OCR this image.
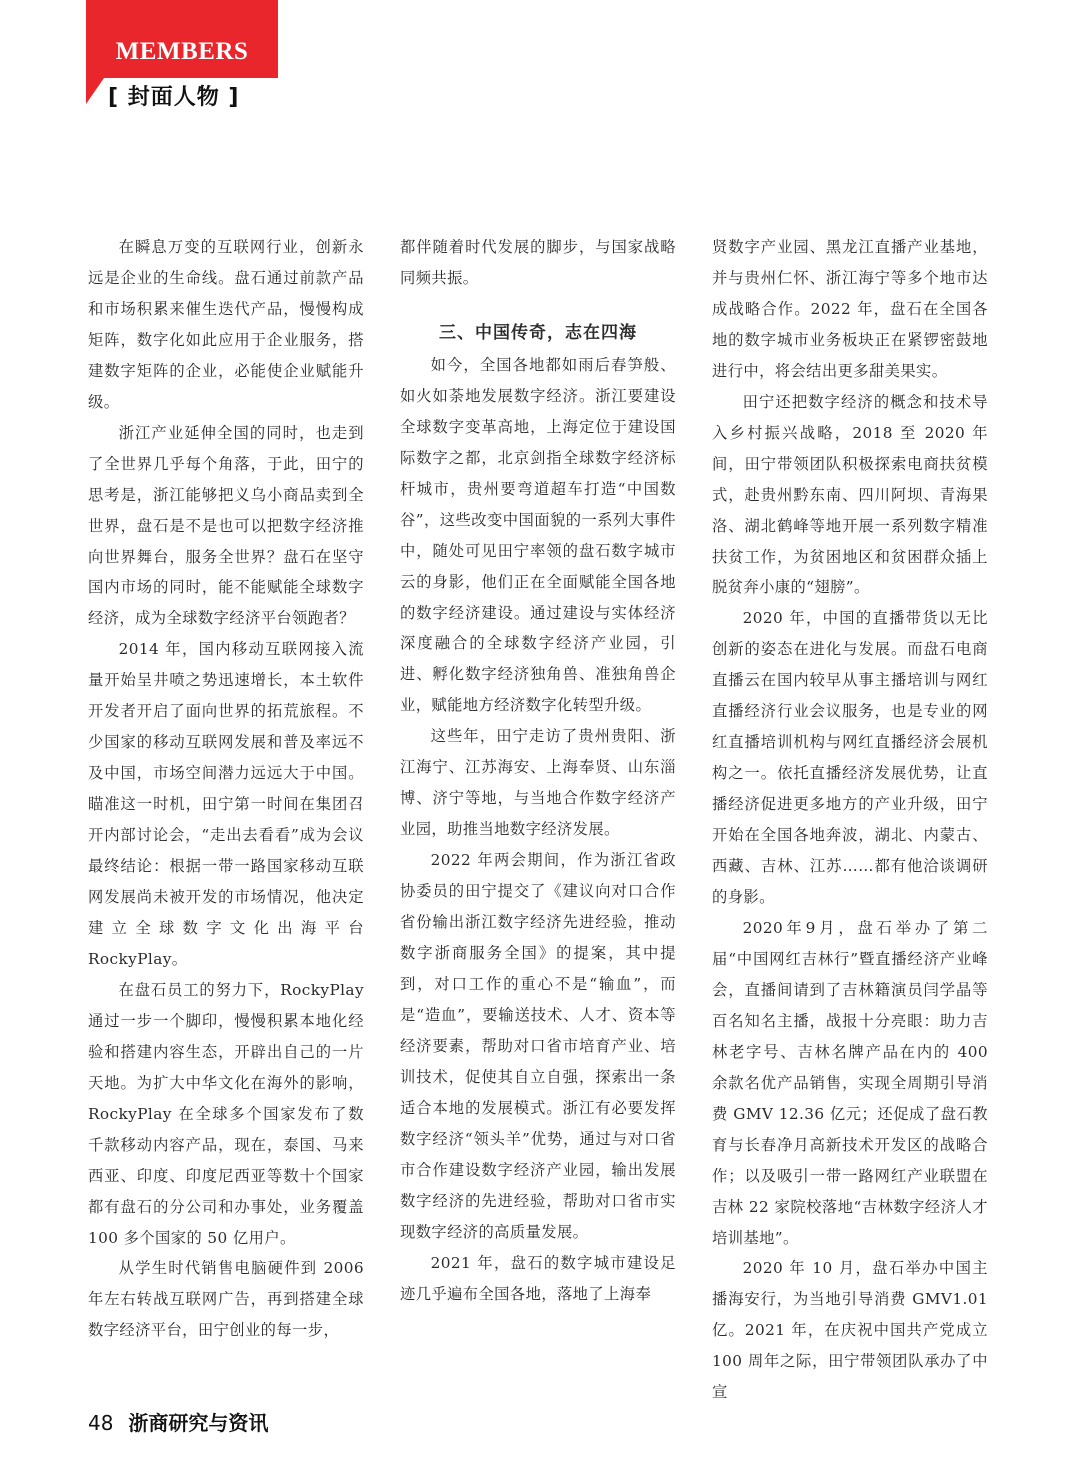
MEMBERS
[ 封面人物 ]

在瞬息万变的互联网行业，创新永远是企业的生命线。盘石通过前款产品和市场积累来催生迭代产品，慢慢构成矩阵，数字化如此应用于企业服务，搭建数字矩阵的企业，必能使企业赋能升级。

浙江产业延伸全国的同时，也走到了全世界几乎每个角落，于此，田宁的思考是，浙江能够把义乌小商品卖到全世界，盘石是不是也可以把数字经济推向世界舞台，服务全世界？盘石在坚守国内市场的同时，能不能赋能全球数字经济，成为全球数字经济平台领跑者？

2014 年，国内移动互联网接入流量开始呈井喷之势迅速增长，本土软件开发者开启了面向世界的拓荒旅程。不少国家的移动互联网发展和普及率远不及中国，市场空间潜力远远大于中国。瞄准这一时机，田宁第一时间在集团召开内部讨论会，“走出去看看”成为会议最终结论：根据一带一路国家移动互联网发展尚未被开发的市场情况，他决定建立全球数字文化出海平台 RockyPlay。

在盘石员工的努力下，RockyPlay 通过一步一个脚印，慢慢积累本地化经验和搭建内容生态，开辟出自己的一片天地。为扩大中华文化在海外的影响，RockyPlay 在全球多个国家发布了数千款移动内容产品，现在，泰国、马来西亚、印度、印度尼西亚等数十个国家都有盘石的分公司和办事处，业务覆盖 100 多个国家的 50 亿用户。

从学生时代销售电脑硬件到 2006 年左右转战互联网广告，再到搭建全球数字经济平台，田宁创业的每一步，

都伴随着时代发展的脚步，与国家战略同频共振。

三、中国传奇，志在四海

如今，全国各地都如雨后春笋般、如火如荼地发展数字经济。浙江要建设全球数字变革高地，上海定位于建设国际数字之都，北京剑指全球数字经济标杆城市，贵州要弯道超车打造“中国数谷”，这些改变中国面貌的一系列大事件中，随处可见田宁率领的盘石数字城市云的身影，他们正在全面赋能全国各地的数字经济建设。通过建设与实体经济深度融合的全球数字经济产业园，引进、孵化数字经济独角兽、准独角兽企业，赋能地方经济数字化转型升级。

这些年，田宁走访了贵州贵阳、浙江海宁、江苏海安、上海奉贤、山东淄博、济宁等地，与当地合作数字经济产业园，助推当地数字经济发展。

2022 年两会期间，作为浙江省政协委员的田宁提交了《建议向对口合作省份输出浙江数字经济先进经验，推动数字浙商服务全国》的提案，其中提到，对口工作的重心不是“输血”，而是“造血”，要输送技术、人才、资本等经济要素，帮助对口省市培育产业、培训技术，促使其自立自强，探索出一条适合本地的发展模式。浙江有必要发挥数字经济“领头羊”优势，通过与对口省市合作建设数字经济产业园，输出发展数字经济的先进经验，帮助对口省市实现数字经济的高质量发展。

2021 年，盘石的数字城市建设足迹几乎遍布全国各地，落地了上海奉

贤数字产业园、黑龙江直播产业基地，并与贵州仁怀、浙江海宁等多个地市达成战略合作。2022 年，盘石在全国各地的数字城市业务板块正在紧锣密鼓地进行中，将会结出更多甜美果实。

田宁还把数字经济的概念和技术导入乡村振兴战略，2018 至 2020 年间，田宁带领团队积极探索电商扶贫模式，赴贵州黔东南、四川阿坝、青海果洛、湖北鹤峰等地开展一系列数字精准扶贫工作，为贫困地区和贫困群众插上脱贫奔小康的“翅膀”。

2020 年，中国的直播带货以无比创新的姿态在进化与发展。而盘石电商直播云在国内较早从事主播培训与网红直播经济行业会议服务，也是专业的网红直播培训机构与网红直播经济会展机构之一。依托直播经济发展优势，让直播经济促进更多地方的产业升级，田宁开始在全国各地奔波，湖北、内蒙古、西藏、吉林、江苏……都有他洽谈调研的身影。

2020年9月，盘石举办了第二届“中国网红吉林行”暨直播经济产业峰会，直播间请到了吉林籍演员闫学晶等百名知名主播，战报十分亮眼：助力吉林老字号、吉林名牌产品在内的 400 余款名优产品销售，实现全周期引导消费 GMV 12.36 亿元；还促成了盘石教育与长春净月高新技术开发区的战略合作；以及吸引一带一路网红产业联盟在吉林 22 家院校落地“吉林数字经济人才培训基地”。

2020 年 10 月，盘石举办中国主播海安行，为当地引导消费 GMV1.01 亿。2021 年，在庆祝中国共产党成立 100 周年之际，田宁带领团队承办了中宣

48 浙商研究与资讯
